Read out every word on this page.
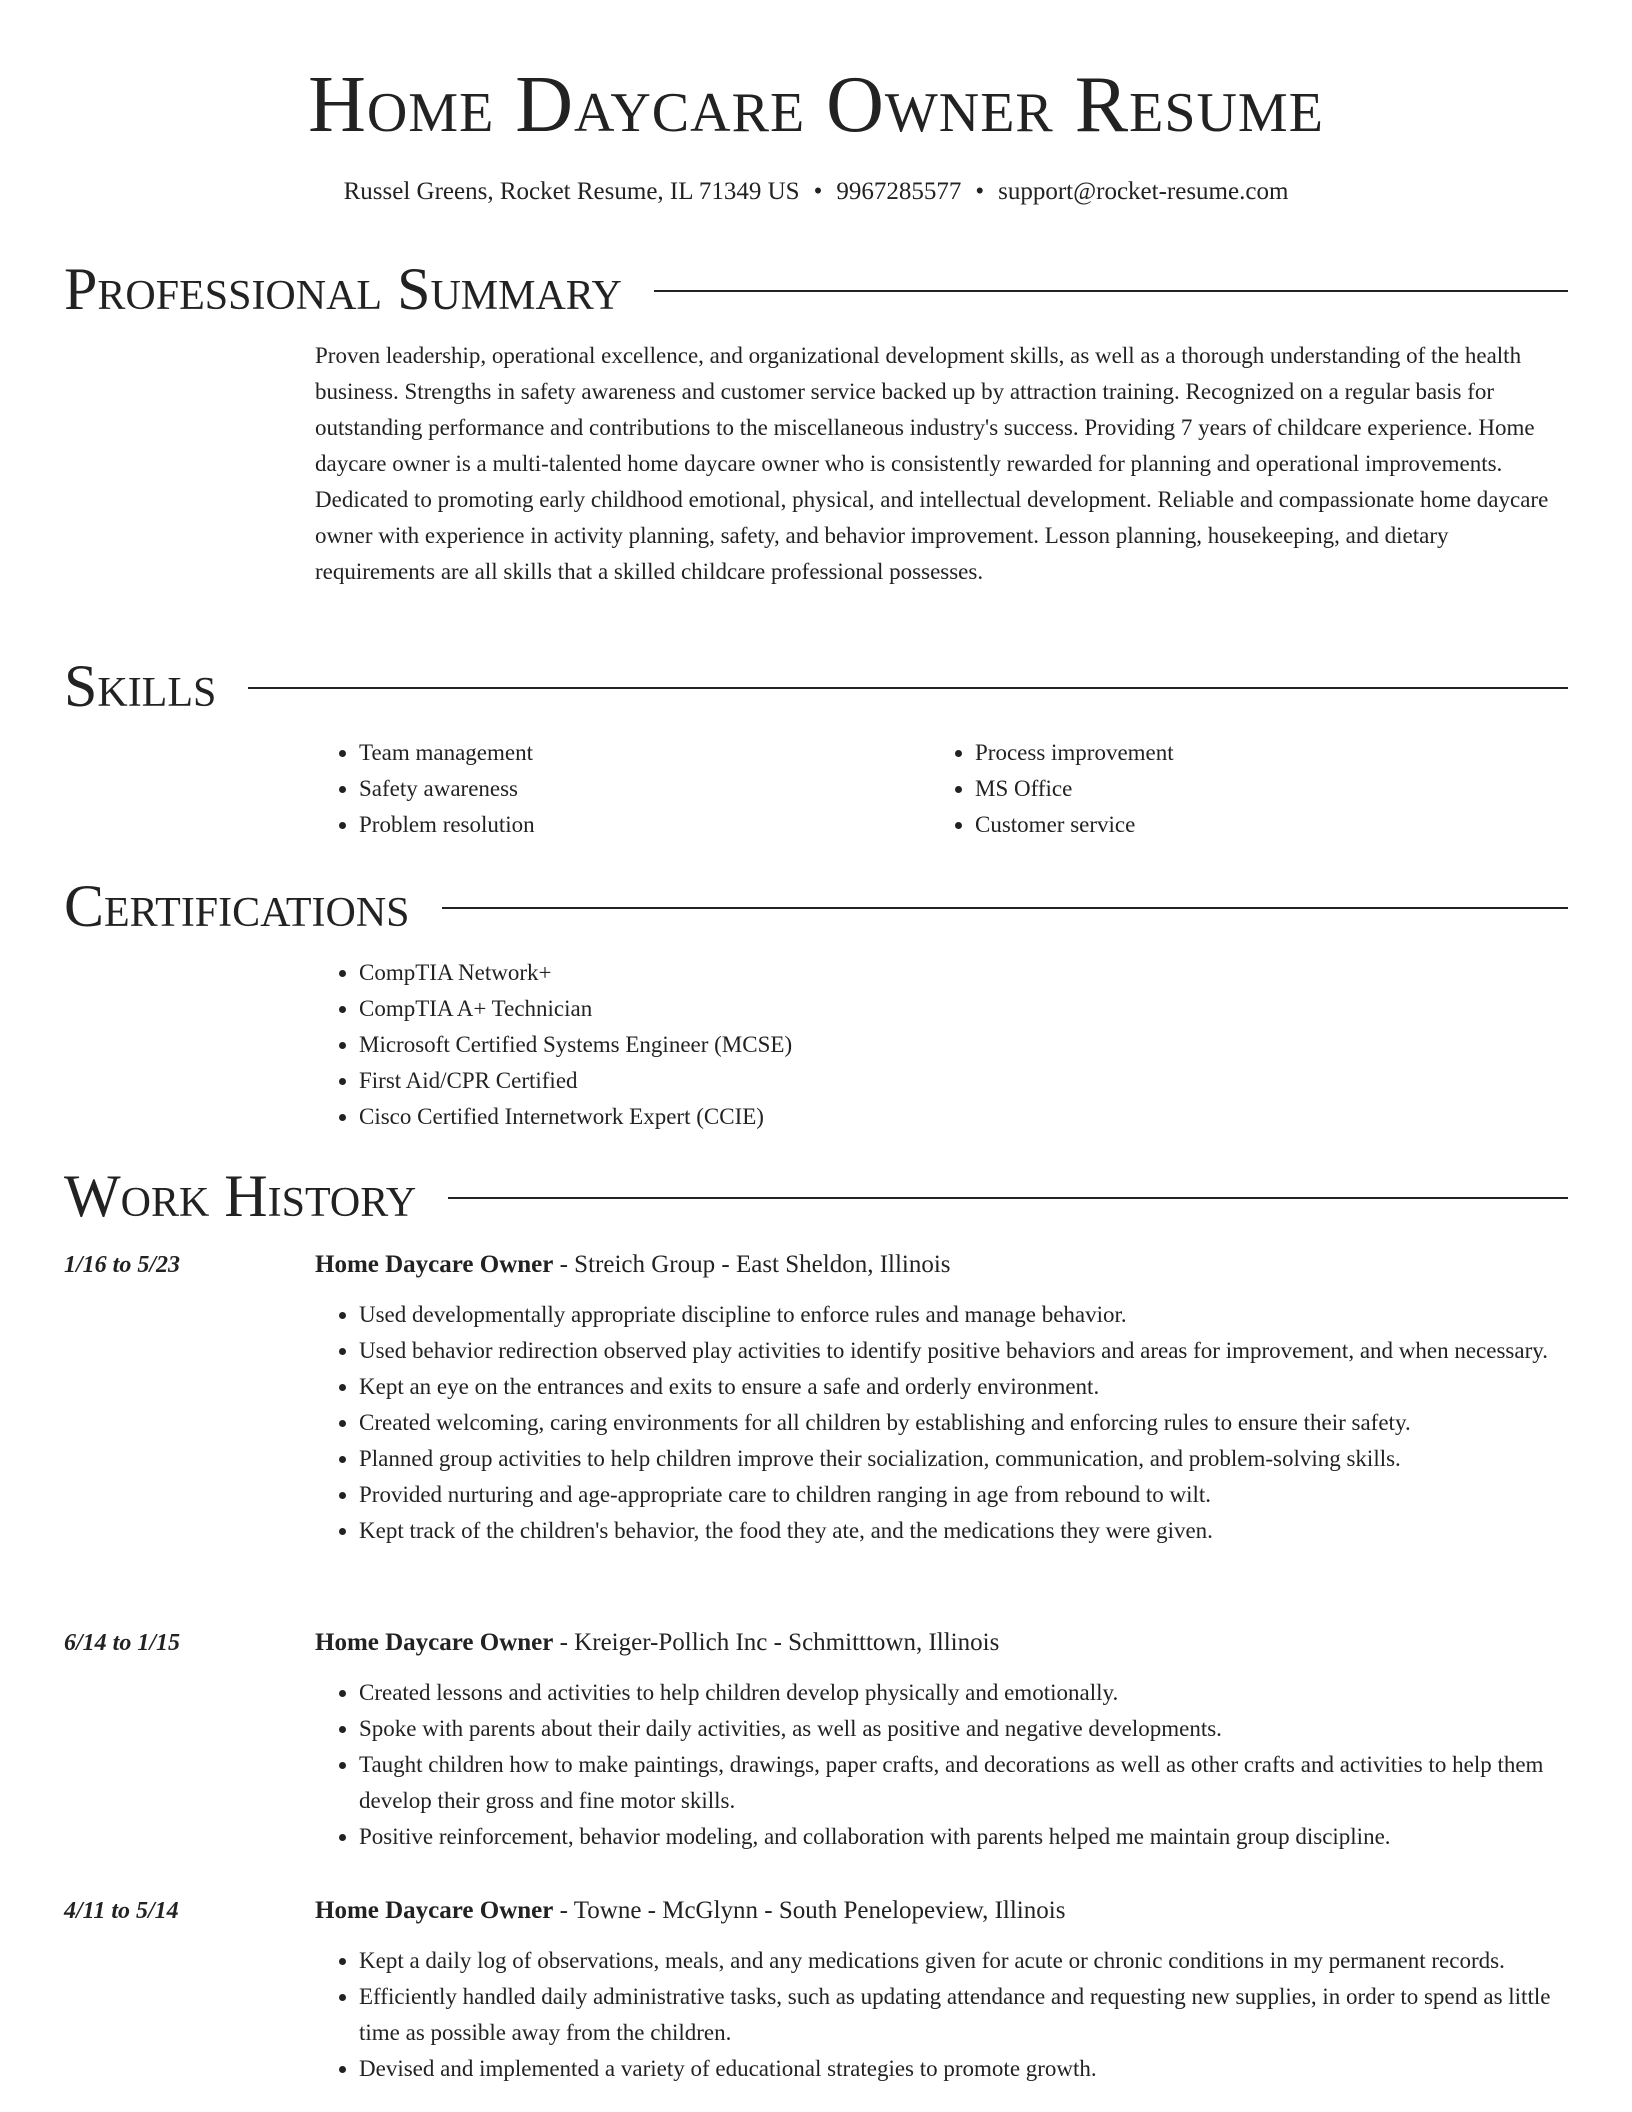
Home Daycare Owner Resume
Russel Greens, Rocket Resume, IL 71349 US • 9967285577 • support@rocket-resume.com
Professional Summary

Proven leadership, operational excellence, and organizational development skills, as well as a thorough understanding of the health business. Strengths in safety awareness and customer service backed up by attraction training. Recognized on a regular basis for outstanding performance and contributions to the miscellaneous industry's success. Providing 7 years of childcare experience. Home daycare owner is a multi-talented home daycare owner who is consistently rewarded for planning and operational improvements. Dedicated to promoting early childhood emotional, physical, and intellectual development. Reliable and compassionate home daycare owner with experience in activity planning, safety, and behavior improvement. Lesson planning, housekeeping, and dietary requirements are all skills that a skilled childcare professional possesses.

Skills
• Team management
• Safety awareness
• Problem resolution
• Process improvement
• MS Office
• Customer service
Certifications
• CompTIA Network+
• CompTIA A+ Technician
• Microsoft Certified Systems Engineer (MCSE)
• First Aid/CPR Certified
• Cisco Certified Internetwork Expert (CCIE)
Work History
1/16 to 5/23	Home Daycare Owner - Streich Group - East Sheldon, Illinois
• Used developmentally appropriate discipline to enforce rules and manage behavior.
• Used behavior redirection observed play activities to identify positive behaviors and areas for improvement, and when necessary.
• Kept an eye on the entrances and exits to ensure a safe and orderly environment.
• Created welcoming, caring environments for all children by establishing and enforcing rules to ensure their safety.
• Planned group activities to help children improve their socialization, communication, and problem-solving skills.
• Provided nurturing and age-appropriate care to children ranging in age from rebound to wilt.
• Kept track of the children's behavior, the food they ate, and the medications they were given.
6/14 to 1/15	Home Daycare Owner - Kreiger-Pollich Inc - Schmitttown, Illinois
• Created lessons and activities to help children develop physically and emotionally.
• Spoke with parents about their daily activities, as well as positive and negative developments.
• Taught children how to make paintings, drawings, paper crafts, and decorations as well as other crafts and activities to help them develop their gross and fine motor skills.
• Positive reinforcement, behavior modeling, and collaboration with parents helped me maintain group discipline.
4/11 to 5/14	Home Daycare Owner - Towne - McGlynn - South Penelopeview, Illinois
• Kept a daily log of observations, meals, and any medications given for acute or chronic conditions in my permanent records.
• Efficiently handled daily administrative tasks, such as updating attendance and requesting new supplies, in order to spend as little time as possible away from the children.
• Devised and implemented a variety of educational strategies to promote growth.
